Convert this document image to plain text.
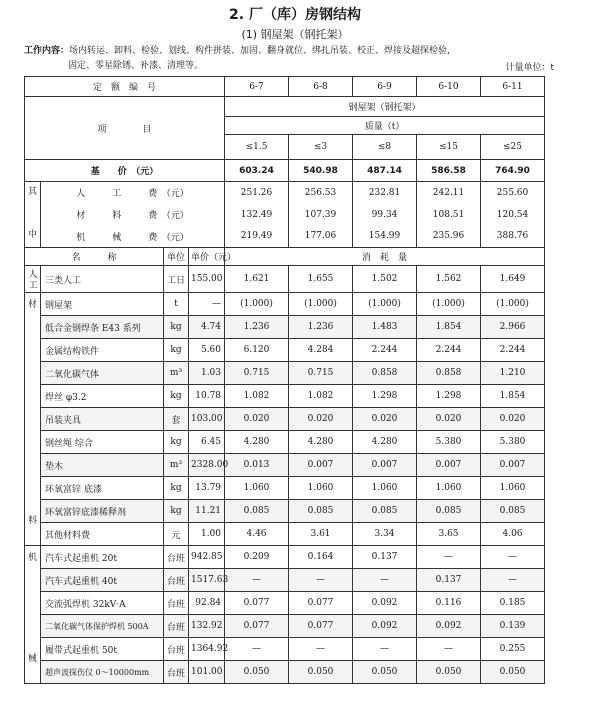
2. 厂（库）房钢结构
(1) 钢屋架（钢托架）
工作内容：场内转运、卸料、检验、划线、构件拼装、加固、翻身就位、绑扎吊装、校正、焊接及超探检验，
固定、零星除锈、补漆、清理等。	计量单位：t
定　额　编　号				6-7	6-8	6-9	6-10	6-11
项　　　　目				钢屋架（钢托架）				
				质量（t）				
				≤1.5	≤3	≤8	≤15	≤25
基　　价　（元）				603.24	540.98	487.14	586.58	764.90

其
中	人　　　工　　　费　（元）			251.26	256.53	232.81	242.11	255.60
	材　　　料　　　费　（元）			132.49	107.39	99.34	108.51	120.54
	机　　　械　　　费　（元）			219.49	177.06	154.99	235.96	388.76
名　　　称		单位	单价（元）	消　耗　量				

人工	三类人工	工日	155.00	1.621	1.655	1.502	1.562	1.649

材
料	钢屋架	t	—	(1.000)	(1.000)	(1.000)	(1.000)	(1.000)
	低合金钢焊条 E43 系列	kg	4.74	1.236	1.236	1.483	1.854	2.966
	金属结构铁件	kg	5.60	6.120	4.284	2.244	2.244	2.244
	二氧化碳气体	m³	1.03	0.715	0.715	0.858	0.858	1.210
	焊丝 φ3.2	kg	10.78	1.082	1.082	1.298	1.298	1.854
	吊装夹具	套	103.00	0.020	0.020	0.020	0.020	0.020
	钢丝绳 综合	kg	6.45	4.280	4.280	4.280	5.380	5.380
	垫木	m³	2328.00	0.013	0.007	0.007	0.007	0.007
	环氧富锌 底漆	kg	13.79	1.060	1.060	1.060	1.060	1.060
	环氧富锌底漆稀释剂	kg	11.21	0.085	0.085	0.085	0.085	0.085
	其他材料费	元	1.00	4.46	3.61	3.34	3.65	4.06

机
械	汽车式起重机 20t	台班	942.85	0.209	0.164	0.137	—	—
	汽车式起重机 40t	台班	1517.63	—	—	—	0.137	—
	交流弧焊机 32kV·A	台班	92.84	0.077	0.077	0.092	0.116	0.185
	二氧化碳气体保护焊机 500A	台班	132.92	0.077	0.077	0.092	0.092	0.139
	履带式起重机 50t	台班	1364.92	—	—	—	—	0.255
	超声波探伤仪 0～10000mm	台班	101.00	0.050	0.050	0.050	0.050	0.050
